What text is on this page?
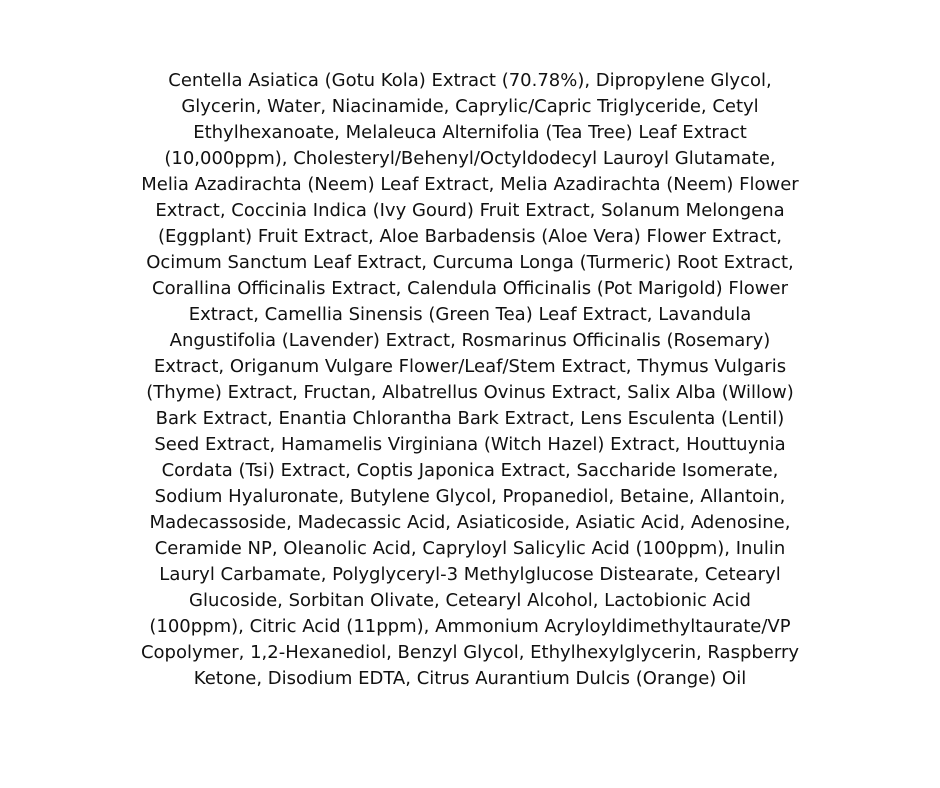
Centella Asiatica (Gotu Kola) Extract (70.78%), Dipropylene Glycol,
Glycerin, Water, Niacinamide, Caprylic/Capric Triglyceride, Cetyl
Ethylhexanoate, Melaleuca Alternifolia (Tea Tree) Leaf Extract
(10,000ppm), Cholesteryl/Behenyl/Octyldodecyl Lauroyl Glutamate,
Melia Azadirachta (Neem) Leaf Extract, Melia Azadirachta (Neem) Flower
Extract, Coccinia Indica (Ivy Gourd) Fruit Extract, Solanum Melongena
(Eggplant) Fruit Extract, Aloe Barbadensis (Aloe Vera) Flower Extract,
Ocimum Sanctum Leaf Extract, Curcuma Longa (Turmeric) Root Extract,
Corallina Officinalis Extract, Calendula Officinalis (Pot Marigold) Flower
Extract, Camellia Sinensis (Green Tea) Leaf Extract, Lavandula
Angustifolia (Lavender) Extract, Rosmarinus Officinalis (Rosemary)
Extract, Origanum Vulgare Flower/Leaf/Stem Extract, Thymus Vulgaris
(Thyme) Extract, Fructan, Albatrellus Ovinus Extract, Salix Alba (Willow)
Bark Extract, Enantia Chlorantha Bark Extract, Lens Esculenta (Lentil)
Seed Extract, Hamamelis Virginiana (Witch Hazel) Extract, Houttuynia
Cordata (Tsi) Extract, Coptis Japonica Extract, Saccharide Isomerate,
Sodium Hyaluronate, Butylene Glycol, Propanediol, Betaine, Allantoin,
Madecassoside, Madecassic Acid, Asiaticoside, Asiatic Acid, Adenosine,
Ceramide NP, Oleanolic Acid, Capryloyl Salicylic Acid (100ppm), Inulin
Lauryl Carbamate, Polyglyceryl-3 Methylglucose Distearate, Cetearyl
Glucoside, Sorbitan Olivate, Cetearyl Alcohol, Lactobionic Acid
(100ppm), Citric Acid (11ppm), Ammonium Acryloyldimethyltaurate/VP
Copolymer, 1,2-Hexanediol, Benzyl Glycol, Ethylhexylglycerin, Raspberry
Ketone, Disodium EDTA, Citrus Aurantium Dulcis (Orange) Oil
